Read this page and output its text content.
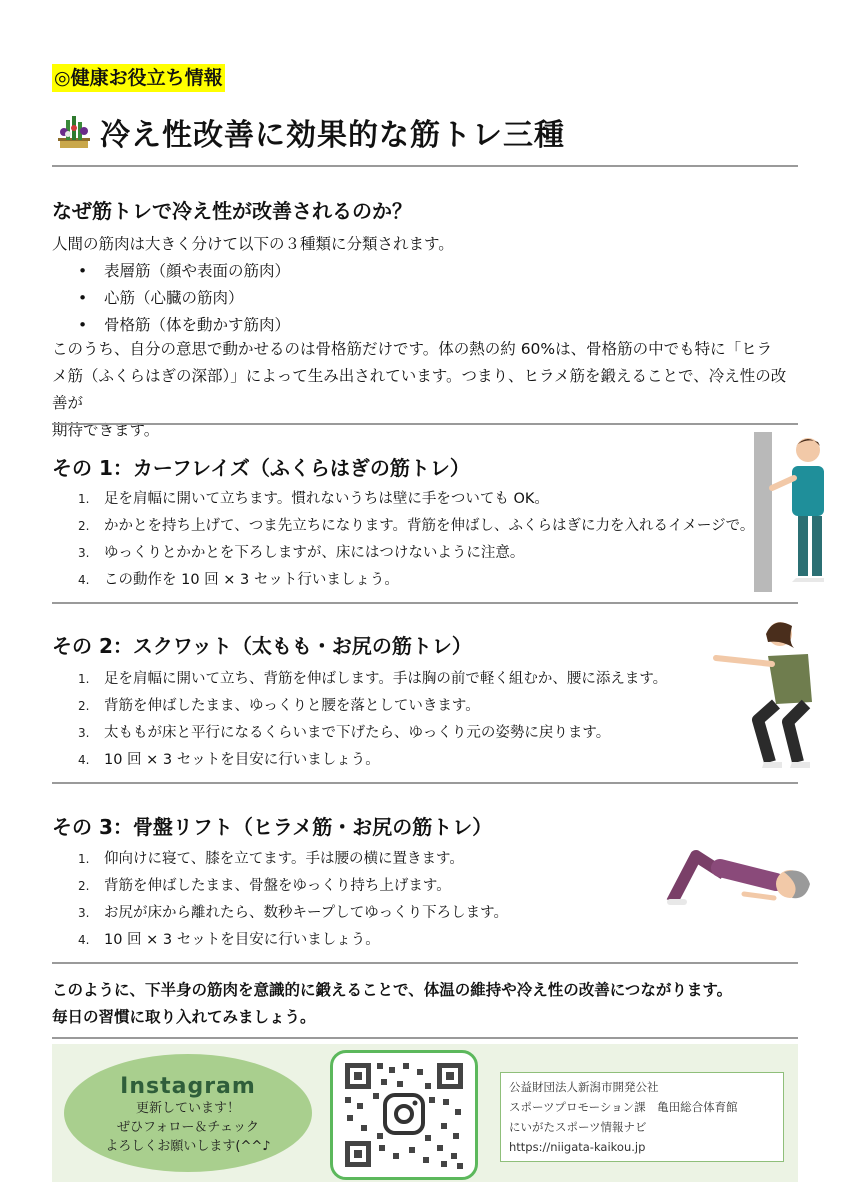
◎健康お役立ち情報
冷え性改善に効果的な筋トレ三種
なぜ筋トレで冷え性が改善されるのか？
人間の筋肉は大きく分けて以下の３種類に分類されます。
• 表層筋（顔や表面の筋肉）
• 心筋（心臓の筋肉）
• 骨格筋（体を動かす筋肉）
このうち、自分の意思で動かせるのは骨格筋だけです。体の熱の約 60%は、骨格筋の中でも特に「ヒラ
メ筋（ふくらはぎの深部）」によって生み出されています。つまり、ヒラメ筋を鍛えることで、冷え性の改善が
期待できます。
その 1：カーフレイズ（ふくらはぎの筋トレ）
1.	足を肩幅に開いて立ちます。慣れないうちは壁に手をついても OK。
2.	かかとを持ち上げて、つま先立ちになります。背筋を伸ばし、ふくらはぎに力を入れるイメージで。
3.	ゆっくりとかかとを下ろしますが、床にはつけないように注意。
4.	この動作を 10 回 × 3 セット行いましょう。
その 2：スクワット（太もも・お尻の筋トレ）
1.	足を肩幅に開いて立ち、背筋を伸ばします。手は胸の前で軽く組むか、腰に添えます。
2.	背筋を伸ばしたまま、ゆっくりと腰を落としていきます。
3.	太ももが床と平行になるくらいまで下げたら、ゆっくり元の姿勢に戻ります。
4.	10 回 × 3 セットを目安に行いましょう。
その 3：骨盤リフト（ヒラメ筋・お尻の筋トレ）
1.	仰向けに寝て、膝を立てます。手は腰の横に置きます。
2.	背筋を伸ばしたまま、骨盤をゆっくり持ち上げます。
3.	お尻が床から離れたら、数秒キープしてゆっくり下ろします。
4.	10 回 × 3 セットを目安に行いましょう。
このように、下半身の筋肉を意識的に鍛えることで、体温の維持や冷え性の改善につながります。
毎日の習慣に取り入れてみましょう。
Instagram
更新しています！
ぜひフォロー＆チェック
よろしくお願いします(^^♪
公益財団法人新潟市開発公社
スポーツプロモーション課　亀田総合体育館
にいがたスポーツ情報ナビ
https://niigata-kaikou.jp
